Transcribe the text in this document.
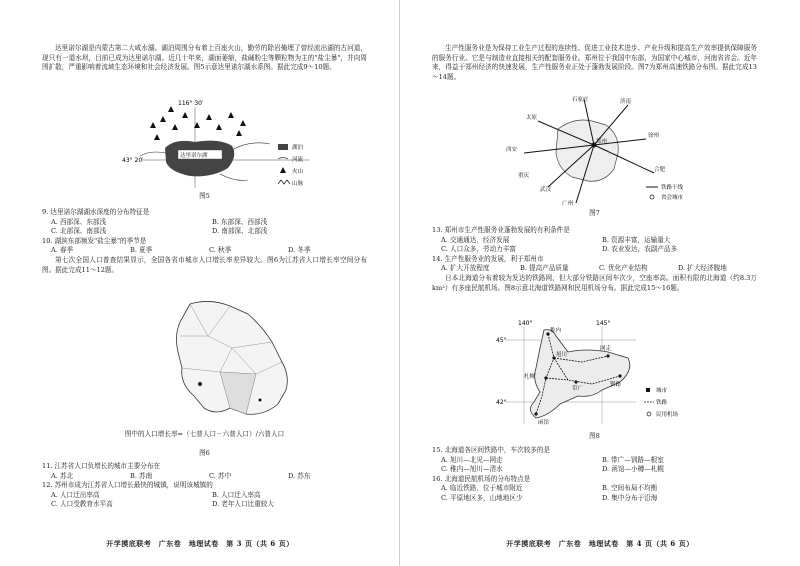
达里诺尔湖是内蒙古第二大咸水湖。湖泊周围分布着上百座火山，勤劳的除岩掩埋了曾经流出湖的古河道，现只有一道水坝，目前已成为达里诺尔湖。近几十年来，湖面萎缩，盐碱粉尘等颗粒物为主的"盐尘暴"，并向周围扩散，严重影响着流域生态环境和社会经济发展。图5示意达里诺尔湖水系图。据此完成9～10题。

116° 30′
43° 20′
达里诺尔湖
湖泊
河流
火山
山脉
图5

9. 达里诺尔湖湖水深度的分布特征是

A. 西部深、东部浅	B. 东部深、西部浅
C. 北部深、南部浅	D. 南部深、北部浅

10. 湖滨东部频发"盐尘暴"的季节是

A. 春季	B. 夏季	C. 秋季	D. 冬季

第七次全国人口普查结果显示，全国各省市城市人口增长率差异较大。图6为江苏省人口增长率空间分布图。据此完成11～12题。

图中的人口增长率=（七普人口－六普人口）/六普人口
图6

11. 江苏省人口负增长的城市主要分布在

A. 苏北	B. 苏南	C. 苏中	D. 苏东

12. 苏州市成为江苏省人口增长最快的城镇，说明该城镇的

A. 人口迁出率高	B. 人口迁入率高
C. 人口受教育水平高	D. 老年人口比重较大
开学摸底联考　广东卷　地理试卷　第 3 页（共 6 页）

生产性服务业是为保持工业生产过程的连续性、促进工业技术进步、产业升级和提高生产效率提供保障服务的服务行业。它是与制造业直接相关的配套服务业。郑州位于我国中东部，为国家中心城市，河南省省会。近年来，得益于郑州经济的快速发展，生产性服务业正处于蓬勃发展阶段。图7为郑州高速铁路分布图。据此完成13～14题。

石家庄	济南
太原
郑州
西安
徐州
合肥
武汉
重庆
广州
铁路干线
省会城市
图7

13. 郑州市生产性服务业蓬勃发展的有利条件是

A. 交通通达，经济发展	B. 资源丰富，运输量大
C. 人口众多，劳动力丰富	D. 农业发达，农副产品多

14. 生产性服务业的发展，利于郑州市

A. 扩大开放程度	B. 提高产品质量	C. 优化产业结构	D. 扩大经济腹地

日本北海道分布着较为发达的铁路网，但大部分铁路区间车次少，空座率高。面积有限的北海道（约8.3万km²）有多座民航机场。图8示意北海道铁路网和民用机场分布。据此完成15～16题。

140°	145°
45°
42°
稚内
旭川
网走
札幌
钏路
函馆
带广	城市
铁路
民用机场
图8

15. 北海道各区间铁路中，车次较多的是

A. 旭川—北见—网走	B. 带广—钏路—根室
C. 稚内—旭川—清水	D. 函馆—小樽—札幌

16. 北海道民航机场的分布特点是

A. 临近铁路，位于城市附近	B. 空间布局不均衡
C. 平原地区多，山地地区少	D. 集中分布于沿海
开学摸底联考　广东卷　地理试卷　第 4 页（共 6 页）
